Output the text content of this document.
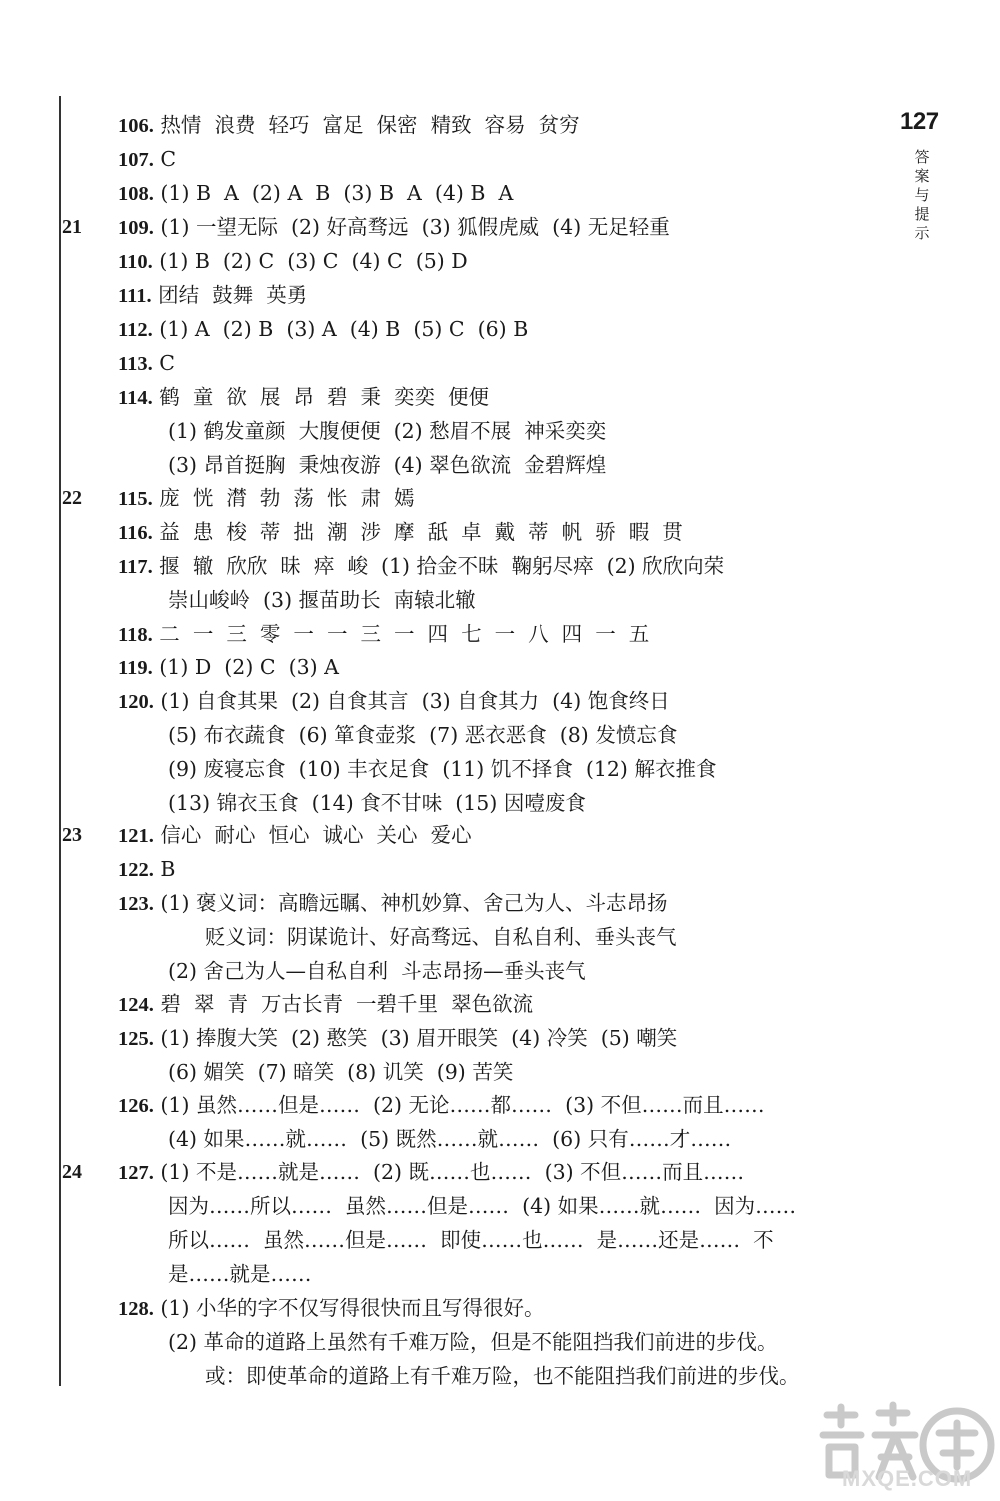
127
答
案
与
提
示
21
22
23
24
106. 热情  浪费  轻巧  富足  保密  精致  容易  贫穷
107. C
108. (1) B  A  (2) A  B  (3) B  A  (4) B  A
109. (1) 一望无际  (2) 好高骛远  (3) 狐假虎威  (4) 无足轻重
110. (1) B  (2) C  (3) C  (4) C  (5) D
111. 团结  鼓舞  英勇
112. (1) A  (2) B  (3) A  (4) B  (5) C  (6) B
113. C
114. 鹤  童  欲  展  昂  碧  秉  奕奕  便便
(1) 鹤发童颜  大腹便便  (2) 愁眉不展  神采奕奕
(3) 昂首挺胸  秉烛夜游  (4) 翠色欲流  金碧辉煌
115. 庞  恍  潸  勃  荡  怅  肃  嫣
116. 益  患  梭  蒂  拙  潮  涉  摩  舐  卓  戴  蒂  帆  骄  暇  贯
117. 揠  辙  欣欣  昧  瘁  峻  (1) 拾金不昧  鞠躬尽瘁  (2) 欣欣向荣
崇山峻岭  (3) 揠苗助长  南辕北辙
118. 二  一  三  零  一  一  三  一  四  七  一  八  四  一  五
119. (1) D  (2) C  (3) A
120. (1) 自食其果  (2) 自食其言  (3) 自食其力  (4) 饱食终日
(5) 布衣蔬食  (6) 箪食壶浆  (7) 恶衣恶食  (8) 发愤忘食
(9) 废寝忘食  (10) 丰衣足食  (11) 饥不择食  (12) 解衣推食
(13) 锦衣玉食  (14) 食不甘味  (15) 因噎废食
121. 信心  耐心  恒心  诚心  关心  爱心
122. B
123. (1) 褒义词：高瞻远瞩、神机妙算、舍己为人、斗志昂扬
贬义词：阴谋诡计、好高骛远、自私自利、垂头丧气
(2) 舍己为人—自私自利  斗志昂扬—垂头丧气
124. 碧  翠  青  万古长青  一碧千里  翠色欲流
125. (1) 捧腹大笑  (2) 憨笑  (3) 眉开眼笑  (4) 冷笑  (5) 嘲笑
(6) 媚笑  (7) 暗笑  (8) 讥笑  (9) 苦笑
126. (1) 虽然……但是……  (2) 无论……都……  (3) 不但……而且……
(4) 如果……就……  (5) 既然……就……  (6) 只有……才……
127. (1) 不是……就是……  (2) 既……也……  (3) 不但……而且……
因为……所以……  虽然……但是……  (4) 如果……就……  因为……
所以……  虽然……但是……  即使……也……  是……还是……  不
是……就是……
128. (1) 小华的字不仅写得很快而且写得很好。
(2) 革命的道路上虽然有千难万险，但是不能阻挡我们前进的步伐。
或：即使革命的道路上有千难万险，也不能阻挡我们前进的步伐。
MXQE.COM
